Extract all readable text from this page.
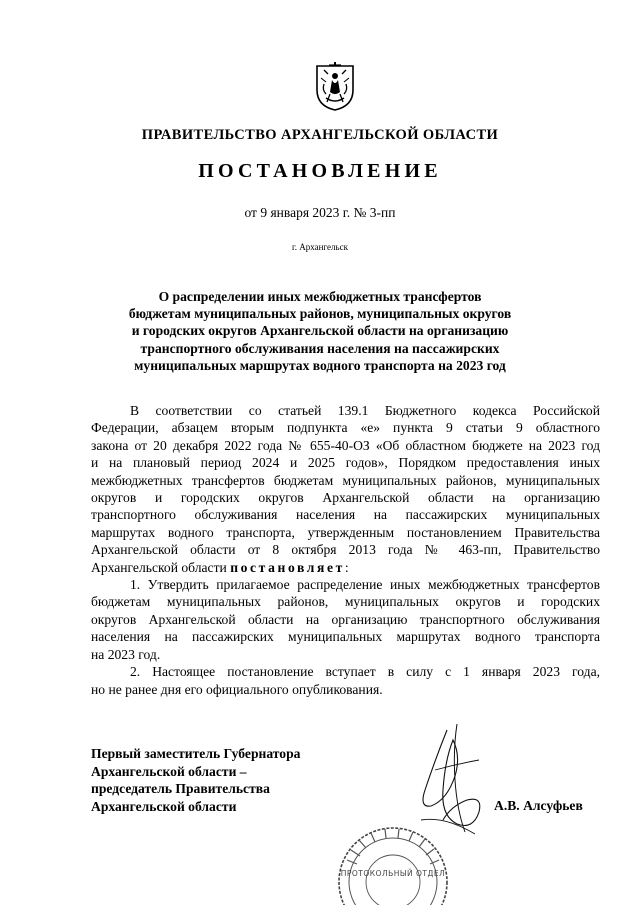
ПРАВИТЕЛЬСТВО АРХАНГЕЛЬСКОЙ ОБЛАСТИ
ПОСТАНОВЛЕНИЕ
от 9 января 2023 г. № 3-пп
г. Архангельск
О распределении иных межбюджетных трансфертов
бюджетам муниципальных районов, муниципальных округов
и городских округов Архангельской области на организацию
транспортного обслуживания населения на пассажирских
муниципальных маршрутах водного транспорта на 2023 год
В соответствии со статьей 139.1 Бюджетного кодекса Российской
Федерации, абзацем вторым подпункта «е» пункта 9 статьи 9 областного
закона от 20 декабря 2022 года № 655-40-ОЗ «Об областном бюджете на 2023 год
и на плановый период 2024 и 2025 годов», Порядком предоставления иных
межбюджетных трансфертов бюджетам муниципальных районов, муниципальных
округов и городских округов Архангельской области на организацию
транспортного обслуживания населения на пассажирских муниципальных
маршрутах водного транспорта, утвержденным постановлением Правительства
Архангельской области от 8 октября 2013 года № 463-пп, Правительство
Архангельской области постановляет:
1. Утвердить прилагаемое распределение иных межбюджетных трансфертов
бюджетам муниципальных районов, муниципальных округов и городских
округов Архангельской области на организацию транспортного обслуживания
населения на пассажирских муниципальных маршрутах водного транспорта
на 2023 год.
2. Настоящее постановление вступает в силу с 1 января 2023 года,
но не ранее дня его официального опубликования.
Первый заместитель Губернатора
Архангельской области –
председатель Правительства
Архангельской области	А.В. Алсуфьев
ПРОТОКОЛЬНЫЙ ОТДЕЛ
